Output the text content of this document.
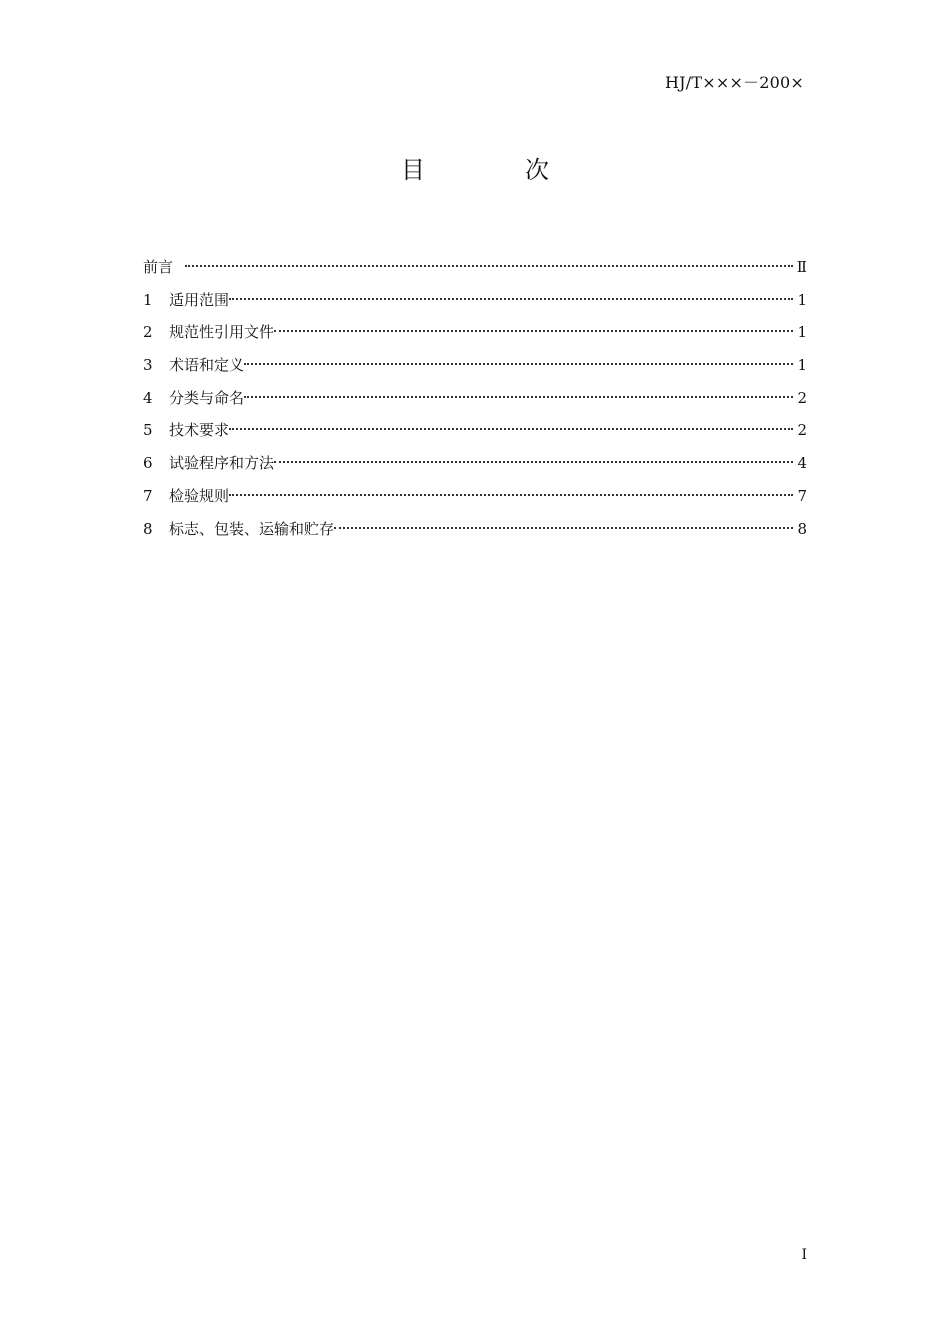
HJ/T×××－200×
目　次
前言	Ⅱ
1	适用范围	1
2	规范性引用文件	1
3	术语和定义	1
4	分类与命名	2
5	技术要求	2
6	试验程序和方法	4
7	检验规则	7
8	标志、包装、运输和贮存	8
I
